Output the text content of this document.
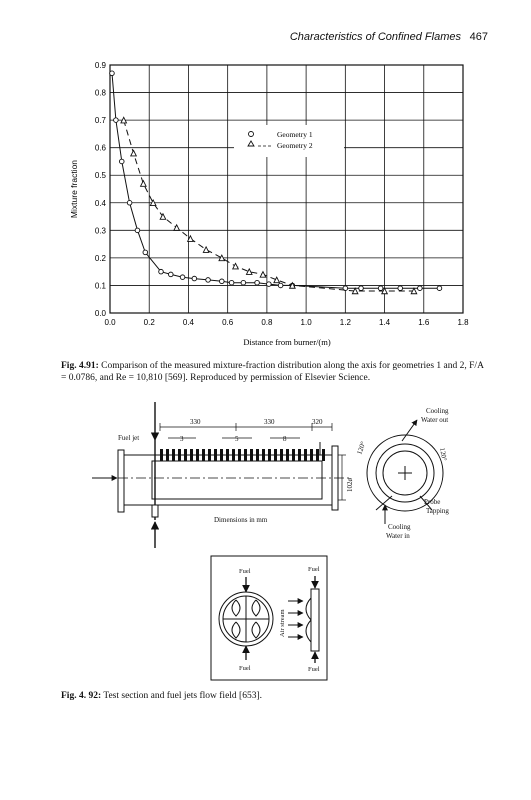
Characteristics of Confined Flames 467
0.0	0.2	0.4	0.6	0.8	1.0	1.2	1.4	1.6	1.8
0.0
0.1
0.2
0.3
0.4
0.5
0.6
0.7
0.8
0.9
Distance from burner/(m)
Mixture fraction
Geometry 1
Geometry 2
Fuel jet
330	330	320
3	5	8
102ø
Dimensions in mm
Cooling
Water out
120°	120°
Probe
Tapping
Cooling
Water in
Fuel	Fuel
Fuel	Fuel
Air stream
Fig. 4.91: Comparison of the measured mixture-fraction distribution along the axis for geometries 1 and 2, F/A = 0.0786, and Re = 10,810 [569]. Reproduced by permission of Elsevier Science.
Fig. 4. 92: Test section and fuel jets flow field [653].
